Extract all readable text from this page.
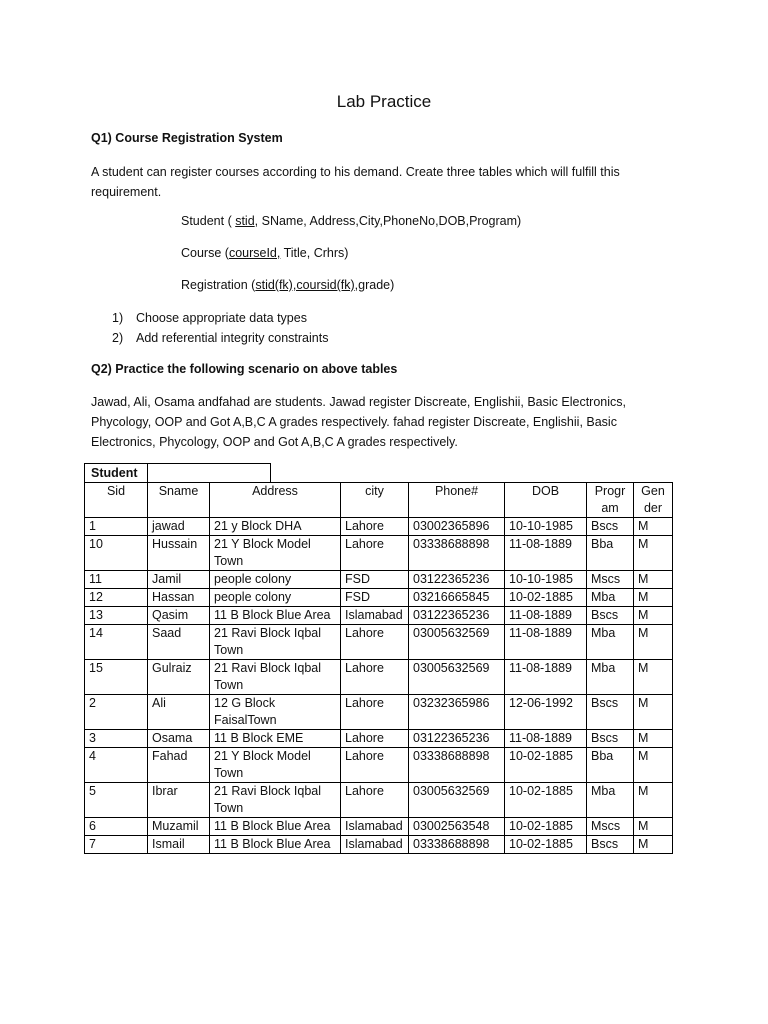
Lab Practice
Q1) Course Registration System
A student can register courses according to his demand. Create three tables which will fulfill this requirement.
Student ( stid, SName, Address,City,PhoneNo,DOB,Program)
Course (courseId, Title, Crhrs)
Registration (stid(fk),coursid(fk),grade)
1) Choose appropriate data types
2) Add referential integrity constraints
Q2) Practice the following scenario on above tables
Jawad, Ali, Osama andfahad are students. Jawad register Discreate, Englishii, Basic Electronics, Phycology, OOP and Got A,B,C A grades respectively. fahad register Discreate, Englishii, Basic Electronics, Phycology, OOP and Got A,B,C A grades respectively.
Student
Sid	Sname	Address	city	Phone#	DOB	Progr am	Gen der
1	jawad	21 y Block DHA	Lahore	03002365896	10-10-1985	Bscs	M
10	Hussain	21 Y Block Model Town	Lahore	03338688898	11-08-1889	Bba	M
11	Jamil	people colony	FSD	03122365236	10-10-1985	Mscs	M
12	Hassan	people colony	FSD	03216665845	10-02-1885	Mba	M
13	Qasim	11 B Block Blue Area	Islamabad	03122365236	11-08-1889	Bscs	M
14	Saad	21 Ravi Block Iqbal Town	Lahore	03005632569	11-08-1889	Mba	M
15	Gulraiz	21 Ravi Block Iqbal Town	Lahore	03005632569	11-08-1889	Mba	M
2	Ali	12 G Block FaisalTown	Lahore	03232365986	12-06-1992	Bscs	M
3	Osama	11 B Block EME	Lahore	03122365236	11-08-1889	Bscs	M
4	Fahad	21 Y Block Model Town	Lahore	03338688898	10-02-1885	Bba	M
5	Ibrar	21 Ravi Block Iqbal Town	Lahore	03005632569	10-02-1885	Mba	M
6	Muzamil	11 B Block Blue Area	Islamabad	03002563548	10-02-1885	Mscs	M
7	Ismail	11 B Block Blue Area	Islamabad	03338688898	10-02-1885	Bscs	M
